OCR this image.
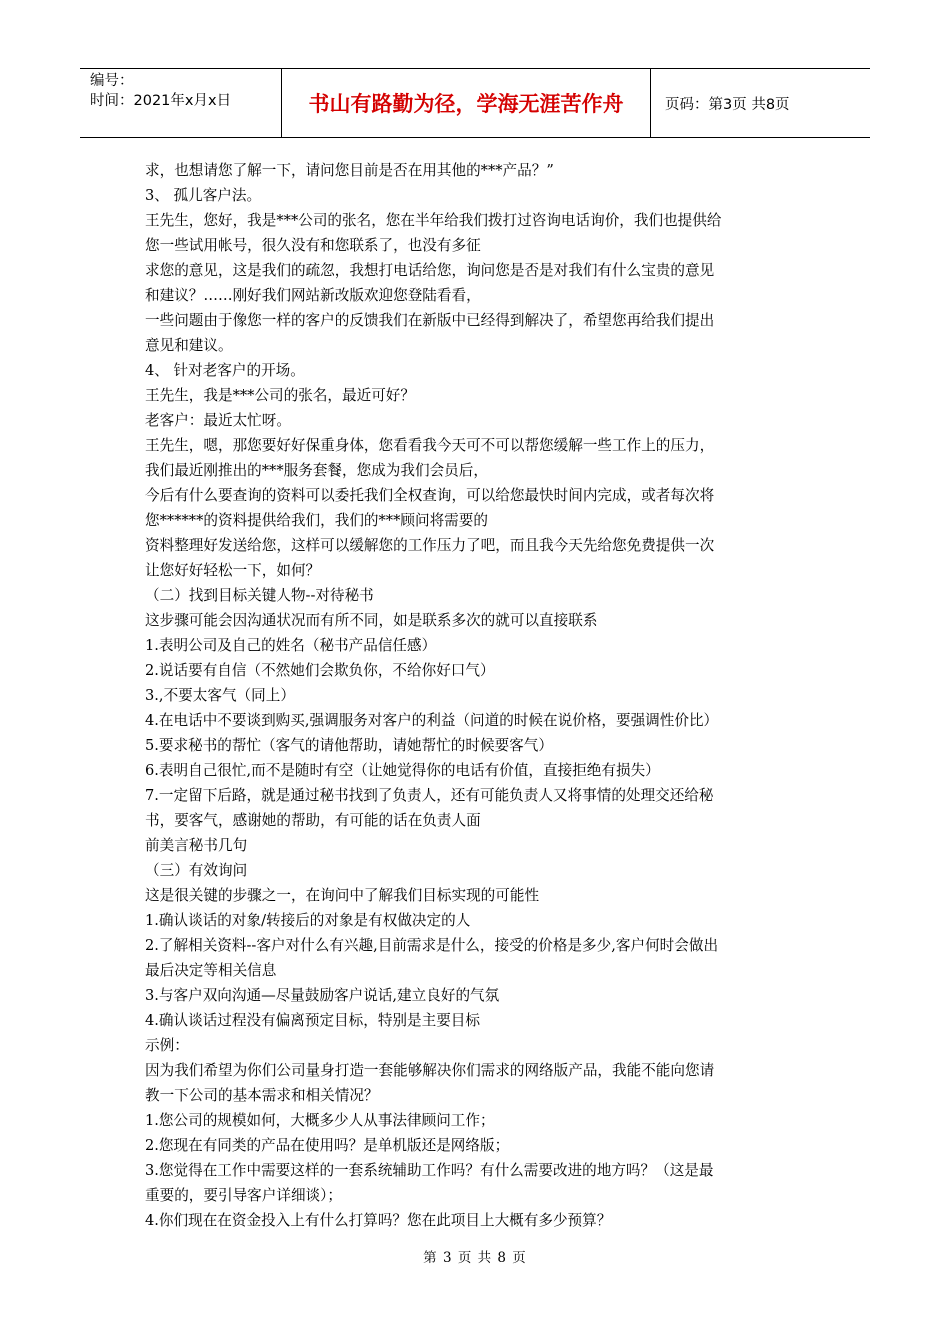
编号：
时间：2021年x月x日	书山有路勤为径，学海无涯苦作舟	页码：第3页 共8页

求，也想请您了解一下，请问您目前是否在用其他的***产品？”

3、 孤儿客户法。

王先生，您好，我是***公司的张名，您在半年给我们拨打过咨询电话询价，我们也提供给

您一些试用帐号，很久没有和您联系了，也没有多征

求您的意见，这是我们的疏忽，我想打电话给您，询问您是否是对我们有什么宝贵的意见

和建议？……刚好我们网站新改版欢迎您登陆看看，

一些问题由于像您一样的客户的反馈我们在新版中已经得到解决了，希望您再给我们提出

意见和建议。

4、 针对老客户的开场。

王先生，我是***公司的张名，最近可好？

老客户：最近太忙呀。

王先生，嗯，那您要好好保重身体，您看看我今天可不可以帮您缓解一些工作上的压力，

我们最近刚推出的***服务套餐，您成为我们会员后，

今后有什么要查询的资料可以委托我们全权查询，可以给您最快时间内完成，或者每次将

您******的资料提供给我们，我们的***顾问将需要的

资料整理好发送给您，这样可以缓解您的工作压力了吧，而且我今天先给您免费提供一次

让您好好轻松一下，如何？

（二）找到目标关键人物--对待秘书

这步骤可能会因沟通状况而有所不同，如是联系多次的就可以直接联系

1.表明公司及自己的姓名（秘书产品信任感）

2.说话要有自信（不然她们会欺负你，不给你好口气）

3.,不要太客气（同上）

4.在电话中不要谈到购买,强调服务对客户的利益（问道的时候在说价格，要强调性价比）

5.要求秘书的帮忙（客气的请他帮助，请她帮忙的时候要客气）

6.表明自己很忙,而不是随时有空（让她觉得你的电话有价值，直接拒绝有损失）

7.一定留下后路，就是通过秘书找到了负责人，还有可能负责人又将事情的处理交还给秘

书，要客气，感谢她的帮助，有可能的话在负责人面

前美言秘书几句

（三）有效询问

这是很关键的步骤之一，在询问中了解我们目标实现的可能性

1.确认谈话的对象/转接后的对象是有权做决定的人

2.了解相关资料--客户对什么有兴趣,目前需求是什么，接受的价格是多少,客户何时会做出

最后决定等相关信息

3.与客户双向沟通—尽量鼓励客户说话,建立良好的气氛

4.确认谈话过程没有偏离预定目标，特别是主要目标

示例：

因为我们希望为你们公司量身打造一套能够解决你们需求的网络版产品，我能不能向您请

教一下公司的基本需求和相关情况？

1.您公司的规模如何，大概多少人从事法律顾问工作；

2.您现在有同类的产品在使用吗？是单机版还是网络版；

3.您觉得在工作中需要这样的一套系统辅助工作吗？有什么需要改进的地方吗？（这是最

重要的，要引导客户详细谈）；

4.你们现在在资金投入上有什么打算吗？您在此项目上大概有多少预算？

第 3 页 共 8 页
